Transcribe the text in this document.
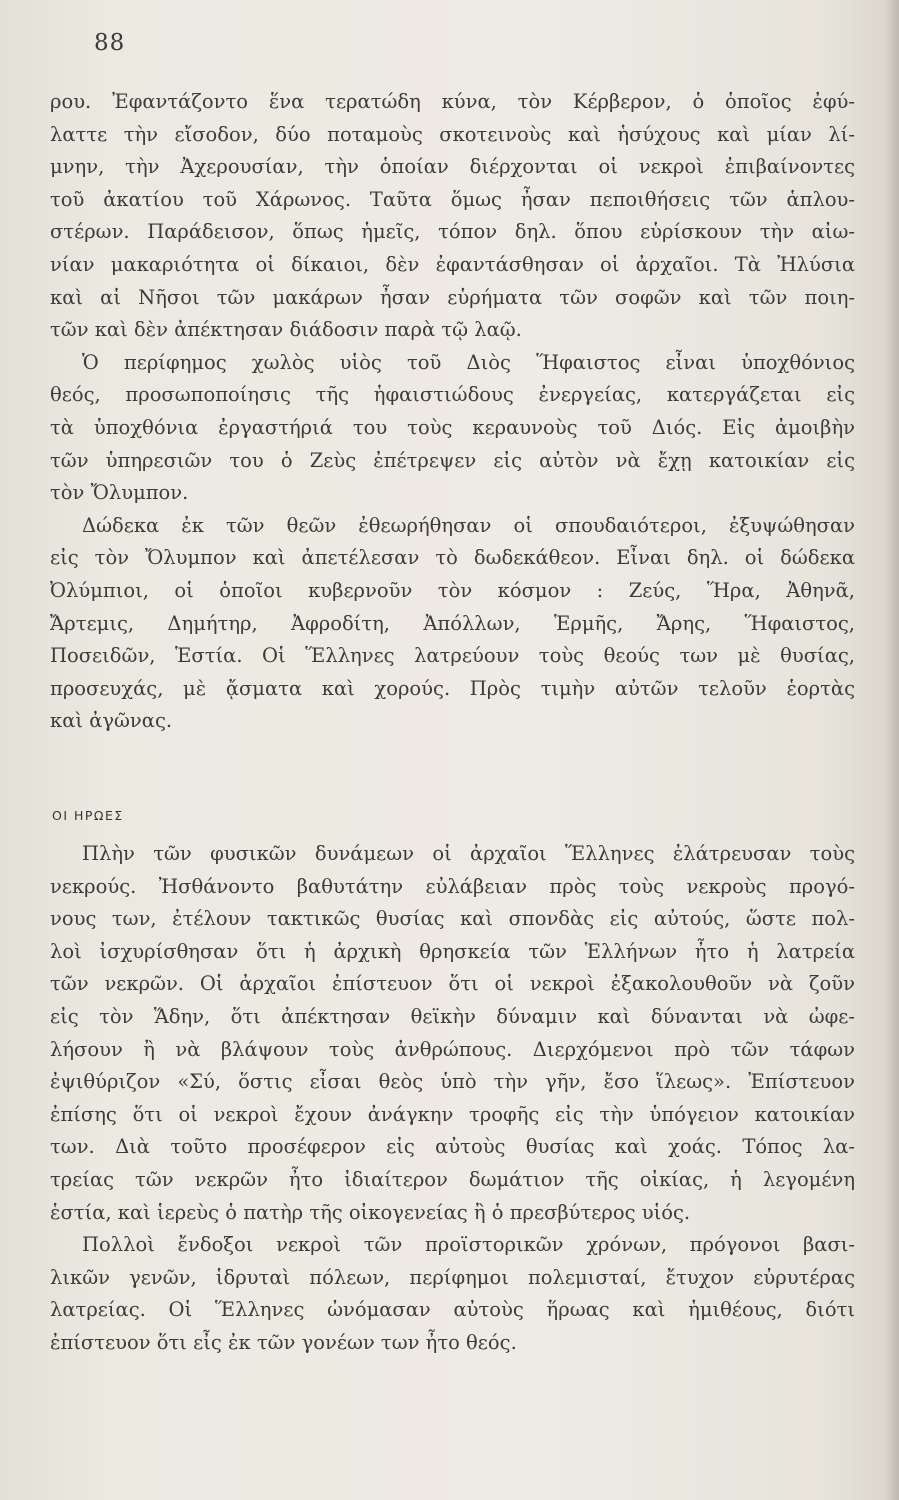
88
ρου. Ἐφαντάζοντο ἕνα τερατώδη κύνα, τὸν Κέρβερον, ὁ ὁποῖος ἐφύ-
λαττε τὴν εἴσοδον, δύο ποταμοὺς σκοτεινοὺς καὶ ἡσύχους καὶ μίαν λί-
μνην, τὴν Ἀχερουσίαν, τὴν ὁποίαν διέρχονται οἱ νεκροὶ ἐπιβαίνοντες
τοῦ ἀκατίου τοῦ Χάρωνος. Ταῦτα ὅμως ἦσαν πεποιθήσεις τῶν ἁπλου-
στέρων. Παράδεισον, ὅπως ἡμεῖς, τόπον δηλ. ὅπου εὑρίσκουν τὴν αἰω-
νίαν μακαριότητα οἱ δίκαιοι, δὲν ἐφαντάσθησαν οἱ ἀρχαῖοι. Τὰ Ἠλύσια
καὶ αἱ Νῆσοι τῶν μακάρων ἦσαν εὑρήματα τῶν σοφῶν καὶ τῶν ποιη-
τῶν καὶ δὲν ἀπέκτησαν διάδοσιν παρὰ τῷ λαῷ.
Ὁ περίφημος χωλὸς υἱὸς τοῦ Διὸς Ἥφαιστος εἶναι ὑποχθόνιος
θεός, προσωποποίησις τῆς ἡφαιστιώδους ἐνεργείας, κατεργάζεται εἰς
τὰ ὑποχθόνια ἐργαστήριά του τοὺς κεραυνοὺς τοῦ Διός. Εἰς ἀμοιβὴν
τῶν ὑπηρεσιῶν του ὁ Ζεὺς ἐπέτρεψεν εἰς αὐτὸν νὰ ἔχῃ κατοικίαν εἰς
τὸν Ὄλυμπον.
Δώδεκα ἐκ τῶν θεῶν ἐθεωρήθησαν οἱ σπουδαιότεροι, ἐξυψώθησαν
εἰς τὸν Ὄλυμπον καὶ ἀπετέλεσαν τὸ δωδεκάθεον. Εἶναι δηλ. οἱ δώδεκα
Ὀλύμπιοι, οἱ ὁποῖοι κυβερνοῦν τὸν κόσμον : Ζεύς, Ἥρα, Ἀθηνᾶ,
Ἄρτεμις, Δημήτηρ, Ἀφροδίτη, Ἀπόλλων, Ἑρμῆς, Ἄρης, Ἥφαιστος,
Ποσειδῶν, Ἑστία. Οἱ Ἕλληνες λατρεύουν τοὺς θεούς των μὲ θυσίας,
προσευχάς, μὲ ᾄσματα καὶ χορούς. Πρὸς τιμὴν αὐτῶν τελοῦν ἑορτὰς
καὶ ἀγῶνας.
ΟΙ ΗΡΩΕΣ
Πλὴν τῶν φυσικῶν δυνάμεων οἱ ἀρχαῖοι Ἕλληνες ἐλάτρευσαν τοὺς
νεκρούς. Ἠσθάνοντο βαθυτάτην εὐλάβειαν πρὸς τοὺς νεκροὺς προγό-
νους των, ἐτέλουν τακτικῶς θυσίας καὶ σπονδὰς εἰς αὐτούς, ὥστε πολ-
λοὶ ἰσχυρίσθησαν ὅτι ἡ ἀρχικὴ θρησκεία τῶν Ἑλλήνων ἦτο ἡ λατρεία
τῶν νεκρῶν. Οἱ ἀρχαῖοι ἐπίστευον ὅτι οἱ νεκροὶ ἐξακολουθοῦν νὰ ζοῦν
εἰς τὸν Ἅδην, ὅτι ἀπέκτησαν θεϊκὴν δύναμιν καὶ δύνανται νὰ ὠφε-
λήσουν ἢ νὰ βλάψουν τοὺς ἀνθρώπους. Διερχόμενοι πρὸ τῶν τάφων
ἐψιθύριζον «Σύ, ὅστις εἶσαι θεὸς ὑπὸ τὴν γῆν, ἔσο ἵλεως». Ἐπίστευον
ἐπίσης ὅτι οἱ νεκροὶ ἔχουν ἀνάγκην τροφῆς εἰς τὴν ὑπόγειον κατοικίαν
των. Διὰ τοῦτο προσέφερον εἰς αὐτοὺς θυσίας καὶ χοάς. Τόπος λα-
τρείας τῶν νεκρῶν ἦτο ἰδιαίτερον δωμάτιον τῆς οἰκίας, ἡ λεγομένη
ἑστία, καὶ ἱερεὺς ὁ πατὴρ τῆς οἰκογενείας ἢ ὁ πρεσβύτερος υἱός.
Πολλοὶ ἔνδοξοι νεκροὶ τῶν προϊστορικῶν χρόνων, πρόγονοι βασι-
λικῶν γενῶν, ἱδρυταὶ πόλεων, περίφημοι πολεμισταί, ἔτυχον εὐρυτέρας
λατρείας. Οἱ Ἕλληνες ὠνόμασαν αὐτοὺς ἥρωας καὶ ἡμιθέους, διότι
ἐπίστευον ὅτι εἶς ἐκ τῶν γονέων των ἦτο θεός.
